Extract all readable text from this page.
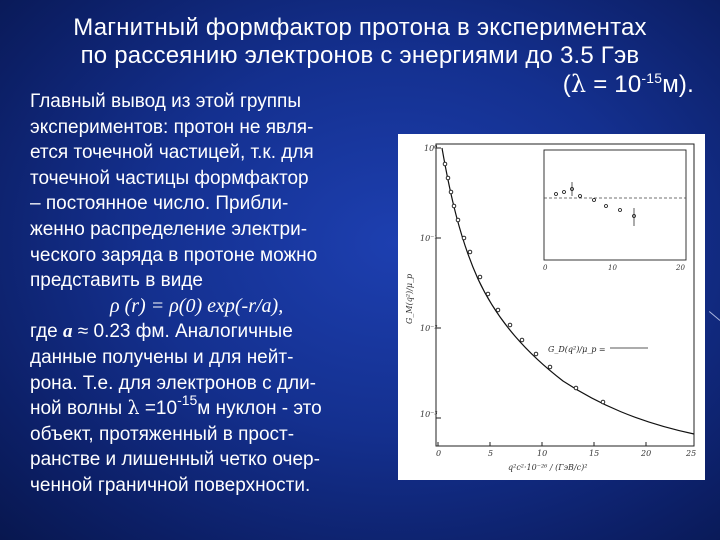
Магнитный формфактор протона в экспериментах
по рассеянию электронов с энергиями до 3.5 Гэв
$(\lambda = 10^{-15}м)$.
Главный вывод из этой группы
экспериментов: протон не явля-
ется точечной частицей, т.к. для
точечной частицы формфактор
– постоянное число. Прибли-
женно распределение электри-
ческого заряда в протоне можно
представить в виде
ρ (r) = ρ(0) exp(-r/a),
где a ≈ 0.23 фм. Аналогичные
данные получены и для нейт-
рона. Т.е. для электронов с дли-
ной волны $\lambda =10^{-15}м$ нуклон - это
объект, протяженный в прост-
ранстве и лишенный четко очер-
ченной граничной поверхности.
10⁰
10⁻¹
10⁻²
10⁻³
G_M(q²)/μ_p
0	5	10	15	20	25
q²c²·10⁻²⁶ / (ГэВ/с)²
0	10	20
G_D(q²)/μ_p =
